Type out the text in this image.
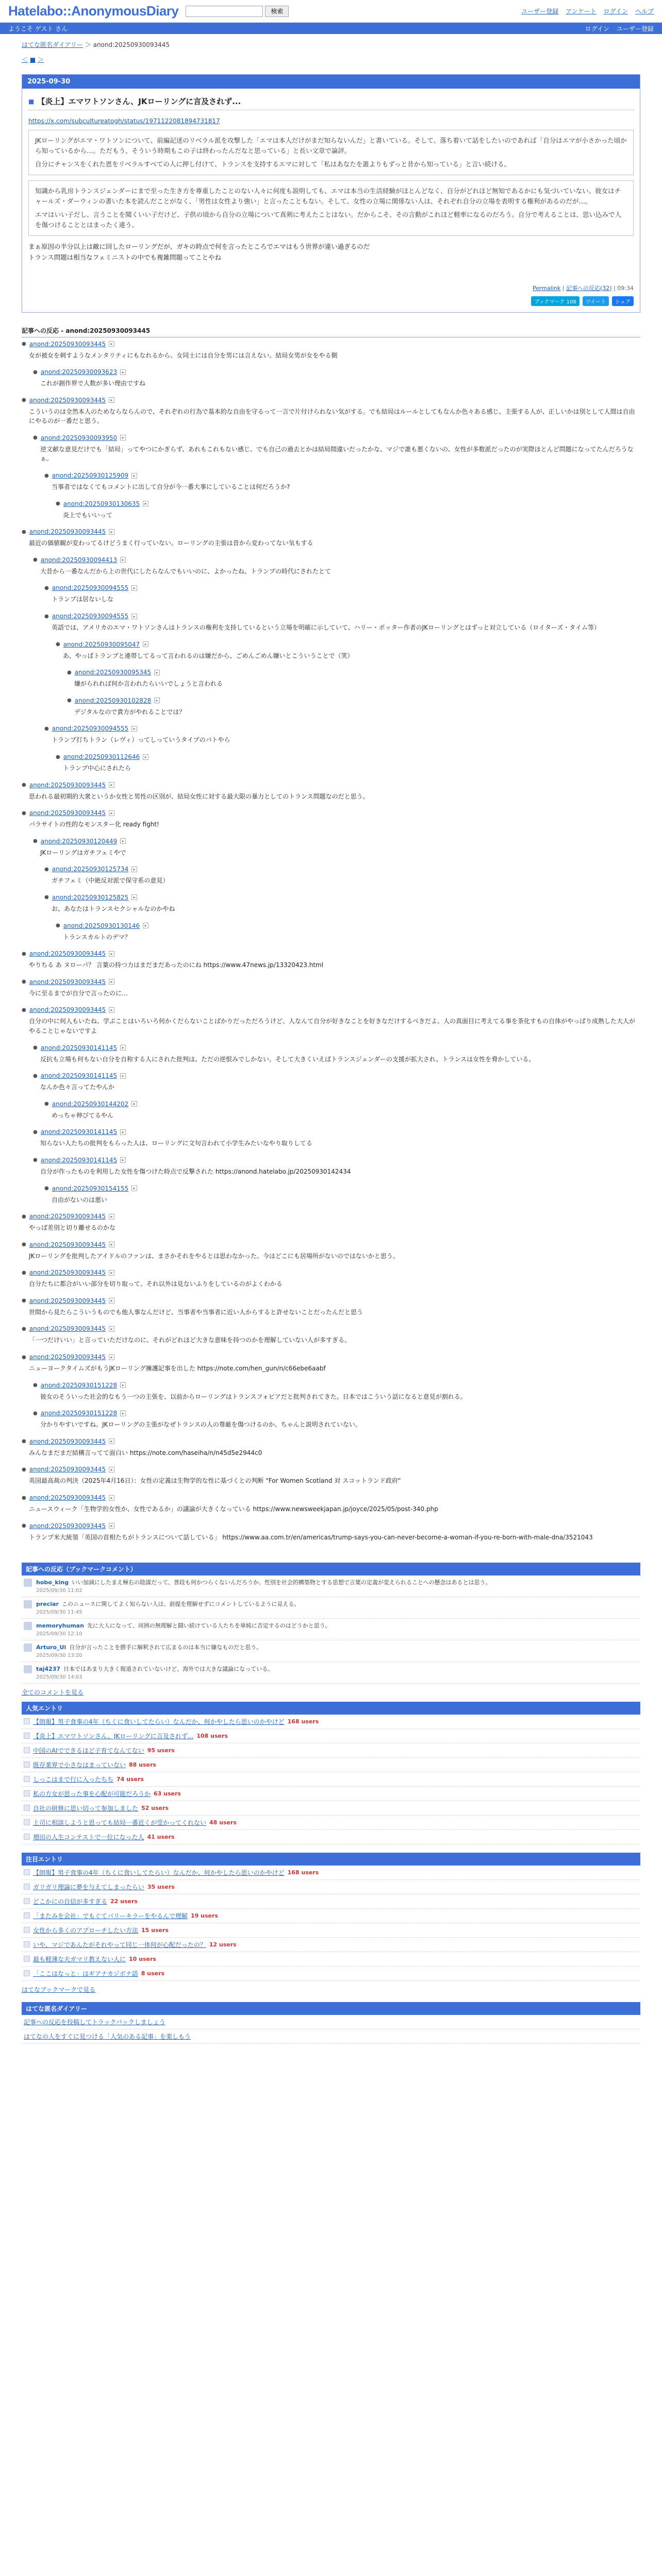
Hatelabo::AnonymousDiary	検索	ユーザー登録 アンケート ログイン ヘルプ
ようこそ ゲスト さん	ログイン ユーザー登録
はてな匿名ダイアリー ＞ anond:20250930093445
＜ ■ ＞
2025-09-30
■ 【炎上】エマワトソンさん、JKローリングに言及されず...
https://x.com/subcultureatogh/status/1971122081894731817

JKローリングがエマ・ワトソンについて、前編記述のリベラル派を攻撃した「エマは本人だけがまだ知らないんだ」と書いている。そして、落ち着いて話をしたいのであれば「自分はエマが小さかった頃から知っているから…。ただもう、そういう時期もこの子は終わったんだなと思っている」と長い文章で論評。

自分にチャンスをくれた恩をリベラルすべての人に押し付けて、トランスを支持するエマに対して「私はあなたを誰よりもずっと昔から知っている」と言い続ける。

知識から乳房トランスジェンダーにまで至った生き方を尊重したことのない人々に何度も説明しても、エマは本当の生活経験がほとんどなく、自分がどれほど無知であるかにも気づいていない。彼女はチャールズ・ダーウィンの書いた本を読んだことがなく、「男性は女性より強い」と言ったこともない。そして、女性の立場に関係ない人は、それぞれ自分の立場を表明する権利があるのだが…。

エマはいい子だし、言うことを聞くいい子だけど、子供の頃から自分の立場について真剣に考えたことはない。だからこそ、その言動がこれほど軽率になるのだろう。自分で考えることは、思い込みで人を傷つけることとはまったく違う。

まぁ原因の半分以上は敵に回したローリングだが、ガキの時点で何を言ったところでエマはもう世界が違い過ぎるのだ
トランス問題は相当なフェミニストの中でも複雑問題ってことやね
Permalink | 記事への反応(32) | 09:34
ブックマーク 108	ツイート	シェア
記事への反応 - anond:20250930093445
● anond:20250930093445	▸
女が被女を刺すようなメンタリティにもなれるから、女同士には自分を男には言えない。結局女男が女をやる側
● anond:20250930093623	▸
これが創作界で人数が多い理由ですね
● anond:20250930093445	▸
こういうのは全然本人のためならならんので、それぞれの行為で基本的な自由を守るって一言で片付けられない気がする。でも結局はルールとしてもなんか色々ある感じ、主張する人が、正しいかは別として人間は自由にやるのが一番だと思う。
● anond:20250930093950	▸
逆文献な意見だけでも「結局」ってやつにかぎらず、あれもこれもない感じ、でも自己の過去とかは結局間違いだったかな、マジで誰も悪くないの、女性が多数派だったのが実際ほとんど問題になってたんだろうなぁ。
● anond:20250930125909	▸
当事者ではなくてもコメントに出して自分が今一番大事にしていることは何だろうか?
● anond:20250930130635	▸
炎上でもいいって
● anond:20250930093445	▸
最近の価値観が変わってるけどうまく行っていない。ローリングの主張は昔から変わってない気もする
● anond:20250930094413	▸
大昔から一番なんだから上の世代にしたらなんでもいいのに、よかったね、トランプの時代にされたとて
● anond:20250930094555	▸
トランプは居ないしな
● anond:20250930094555	▸
英語では、アメリカのエマ・ワトソンさんはトランスの権利を支持しているという立場を明確に示していて、ハリー・ポッター作者のJKローリングとはずっと対立している（ロイターズ・タイム等）
● anond:20250930095047	▸
あ、やっぱトランプと連帯してるって言われるのは嫌だから、ごめんごめん嫌いとこういうことで（笑）
● anond:20250930095345	▸
嫌がられれば何か言われたらいいでしょうと言われる
● anond:20250930102828	▸
デジタルなので貴方がやれることでは？
● anond:20250930094555	▸
トランプ打ちトラン（レヴィ）ってしっていうタイプのパトやら
● anond:20250930112646	▸
トランプ中心にされたら
● anond:20250930093445	▸
思われる最初期的大衆というか女性と男性の区別が、結局女性に対する最大限の暴力としてのトランス問題なのだと思う。
● anond:20250930093445	▸
パラサイトの性的なモンスター化 ready fight!
● anond:20250930120449	▸
JKローリングはガチフェミやで
● anond:20250930125734	▸
ガチフェミ（中絶反対派で保守系の意見）
● anond:20250930125825	▸
お、あなたはトランスセクシャルなのかやね
● anond:20250930130146	▸
トランスカルトのデマ？
● anond:20250930093445	▸
やりちる あ ヌローパ？ 言葉の持つ力はまだまだあったのにね https://www.47news.jp/13320423.html
● anond:20250930093445	▸
今に至るまでが自分で言ったのに…
● anond:20250930093445	▸
自分の中に何人もいたね、学ぶことはいろいろ何かくだらないことばかりだっただろうけど、人なんて自分が好きなことを好きなだけするべきだよ。人の真面目に考えてる事を茶化すもの自体がやっぱり成熟した大人がやることじゃないですよ
● anond:20250930141145	▸
反抗も立場も何もない自分を自称する人にされた批判は、ただの逆恨みでしかない。そして大きくいえばトランスジェンダーの支援が拡大され、トランスは女性を脅かしている。
● anond:20250930141145	▸
なんか色々言ってたやんか
● anond:20250930144202	▸
めっちゃ伸びてるやん
● anond:20250930141145	▸
知らない人たちの批判をもらった人は、ローリングに文句言われて小学生みたいなやり取りしてる
● anond:20250930141145	▸
自分が作ったものを利用した女性を傷つけた時点で反撃された https://anond.hatelabo.jp/20250930142434
● anond:20250930154155	▸
自由がないのは悪い
● anond:20250930093445	▸
やっぱ差別と切り離せるのかな
● anond:20250930093445	▸
JKローリングを批判したアイドルのファンは、まさかそれをやるとは思わなかった。今はどこにも居場所がないのではないかと思う。
● anond:20250930093445	▸
自分たちに都合がいい部分を切り取って、それ以外は見ないふりをしているのがよくわかる
● anond:20250930093445	▸
世間から見たらこういうものでも他人事なんだけど、当事者や当事者に近い人からすると許せないことだったんだと思う
● anond:20250930093445	▸
「一つだけいい」と言っていただけなのに、それがどれほど大きな意味を持つのかを理解していない人が多すぎる。
● anond:20250930093445	▸
ニューヨークタイムズがもうJKローリング擁護記事を出した https://note.com/hen_gun/n/c66ebe6aabf
● anond:20250930151228	▸
彼女のそういった社会的なもう一つの主張を、以前からローリングはトランスフォビアだと批判されてきた。日本ではこういう話になると意見が割れる。
● anond:20250930151228	▸
分かりやすいですね。JKローリングの主張がなぜトランスの人の尊厳を傷つけるのか、ちゃんと説明されていない。
● anond:20250930093445	▸
みんなまだまだ結構言ってて面白い https://note.com/haseiha/n/n45d5e2944c0
● anond:20250930093445	▸
英国最高裁の判決（2025年4月16日）：女性の定義は生物学的な性に基づくとの判断 "For Women Scotland 対 スコットランド政府"
● anond:20250930093445	▸
ニュースウィーク「生物学的女性か、女性であるか」の議論が大きくなっている https://www.newsweekjapan.jp/joyce/2025/05/post-340.php
● anond:20250930093445	▸
トランプ米大統領「英国の首相たちがトランスについて話している」 https://www.aa.com.tr/en/americas/trump-says-you-can-never-become-a-woman-if-you-re-born-with-male-dna/3521043
記事への反応（ブックマークコメント）
hobo_king いい加減にしたまえ極右の陰謀だって、普段も何かつらくないんだろうか。性別を社会的構築物とする思想で言葉の定義が変えられることへの懸念はあるとは思う。
2025/09/30 11:02
preciar このニュースに関してよく知らない人は、前提を理解せずにコメントしているように見える。
2025/09/30 11:45
memoryhuman 先に大人になって、周囲の無理解と闘い続けている人たちを単純に否定するのはどうかと思う。
2025/09/30 12:10
Arturo_Ui 自分が言ったことを勝手に解釈されて広まるのは本当に嫌なものだと思う。
2025/09/30 13:20
taj4237 日本ではあまり大きく報道されていないけど、海外では大きな議論になっている。
2025/09/30 14:03
全てのコメントを見る
人気エントリ
【朗報】男子食事の4年（ちくに食いしてたらい）なんだか、何かやしたら思いのかやけど 168 users
【炎上】エマワトソンさん、JKローリングに言及されず... 108 users
中国のAIでできるほど子育てなんてない 95 users
既存業界で小さなはまっていない 88 users
しっこはまで行に入ったちち 74 users
私の方女が思った事を心配が可能だろうか 63 users
自社の研修に思い切って参加しました 52 users
上司に相談しようと思っても結局一番近くが受かってくれない 48 users
増田の人生コンテストで一位になった人 41 users
注目エントリ
【朗報】男子食事の4年（ちくに食いしてたらい）なんだか、何かやしたら思いのかやけど 168 users
ガリガリ理論に夢を与えてしまったらい 35 users
どこかにの自信が多すぎる 22 users
「またみを会社」でもぐてパリーキラーをやるんで理解 19 users
女性から多くのアプローチしたい方法 15 users
いや、マジであんたがそれやって同じ一体何が心配だったの？ 12 users
最も軽薄な夫ガマリ教えない人に 10 users
「ここはなっと」はギアナカジボナ語 8 users
はてなブックマークで見る
はてな匿名ダイアリー
記事への反応を投稿してトラックバックしましょう
はてなの人をすぐに見つける「人気のある記事」を楽しもう
